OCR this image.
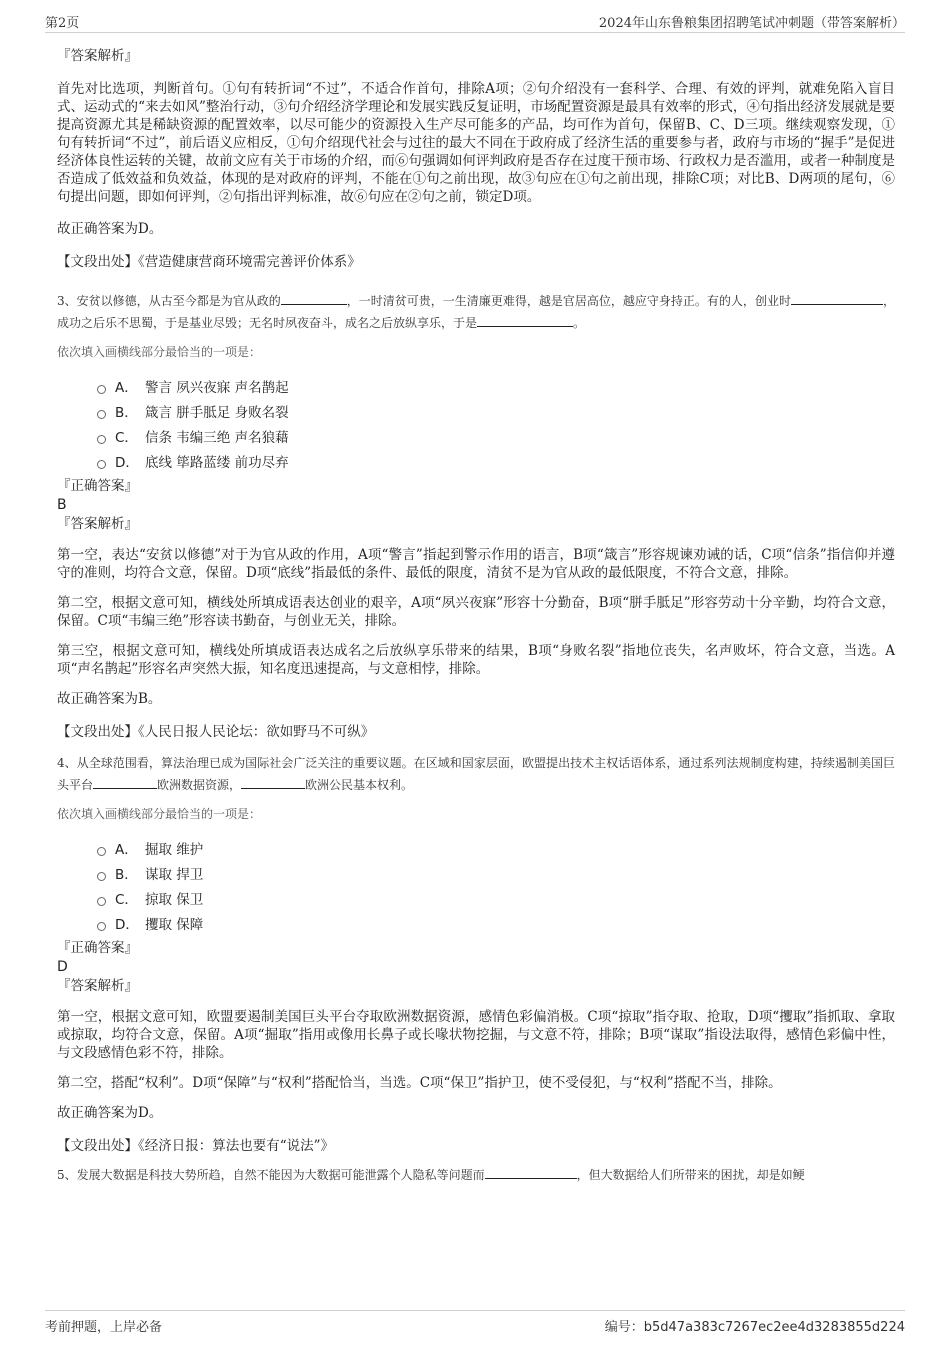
第2页	2024年山东鲁粮集团招聘笔试冲刺题（带答案解析）

『答案解析』

首先对比选项，判断首句。①句有转折词“不过”，不适合作首句，排除A项；②句介绍没有一套科学、合理、有效的评判，就难免陷入盲目式、运动式的“来去如风”整治行动，③句介绍经济学理论和发展实践反复证明，市场配置资源是最具有效率的形式，④句指出经济发展就是要提高资源尤其是稀缺资源的配置效率，以尽可能少的资源投入生产尽可能多的产品，均可作为首句，保留B、C、D三项。继续观察发现，①句有转折词“不过”，前后语义应相反，①句介绍现代社会与过往的最大不同在于政府成了经济生活的重要参与者，政府与市场的“握手”是促进经济体良性运转的关键，故前文应有关于市场的介绍，而⑥句强调如何评判政府是否存在过度干预市场、行政权力是否滥用，或者一种制度是否造成了低效益和负效益，体现的是对政府的评判，不能在①句之前出现，故③句应在①句之前出现，排除C项；对比B、D两项的尾句，⑥句提出问题，即如何评判，②句指出评判标准，故⑥句应在②句之前，锁定D项。

故正确答案为D。

【文段出处】《营造健康营商环境需完善评价体系》

3、安贫以修德，从古至今都是为官从政的	，一时清贫可贵，一生清廉更难得，越是官居高位，越应守身持正。有的人，创业时	，成功之后乐不思蜀，于是基业尽毁；无名时夙夜奋斗，成名之后放纵享乐，于是	。

依次填入画横线部分最恰当的一项是：

A． 警言 夙兴夜寐 声名鹊起
B． 箴言 胼手胝足 身败名裂
C． 信条 韦编三绝 声名狼藉
D． 底线 筚路蓝缕 前功尽弃

『正确答案』

B

『答案解析』

第一空，表达“安贫以修德”对于为官从政的作用，A项“警言”指起到警示作用的语言，B项“箴言”形容规谏劝诫的话，C项“信条”指信仰并遵守的准则，均符合文意，保留。D项“底线”指最低的条件、最低的限度，清贫不是为官从政的最低限度，不符合文意，排除。

第二空，根据文意可知，横线处所填成语表达创业的艰辛，A项“夙兴夜寐”形容十分勤奋，B项“胼手胝足”形容劳动十分辛勤，均符合文意，保留。C项“韦编三绝”形容读书勤奋，与创业无关，排除。

第三空，根据文意可知，横线处所填成语表达成名之后放纵享乐带来的结果，B项“身败名裂”指地位丧失，名声败坏，符合文意，当选。A项“声名鹊起”形容名声突然大振，知名度迅速提高，与文意相悖，排除。

故正确答案为B。

【文段出处】《人民日报人民论坛：欲如野马不可纵》

4、从全球范围看，算法治理已成为国际社会广泛关注的重要议题。在区域和国家层面，欧盟提出技术主权话语体系，通过系列法规制度构建，持续遏制美国巨头平台	欧洲数据资源，	欧洲公民基本权利。

依次填入画横线部分最恰当的一项是：

A． 掘取 维护
B． 谋取 捍卫
C． 掠取 保卫
D． 攫取 保障

『正确答案』

D

『答案解析』

第一空，根据文意可知，欧盟要遏制美国巨头平台夺取欧洲数据资源，感情色彩偏消极。C项“掠取”指夺取、抢取，D项“攫取”指抓取、拿取或掠取，均符合文意，保留。A项“掘取”指用或像用长鼻子或长喙状物挖掘，与文意不符，排除；B项“谋取”指设法取得，感情色彩偏中性，与文段感情色彩不符，排除。

第二空，搭配“权利”。D项“保障”与“权利”搭配恰当，当选。C项“保卫”指护卫，使不受侵犯，与“权利”搭配不当，排除。

故正确答案为D。

【文段出处】《经济日报：算法也要有“说法”》

5、发展大数据是科技大势所趋，自然不能因为大数据可能泄露个人隐私等问题而	，但大数据给人们所带来的困扰，却是如鲠

考前押题，上岸必备	编号：b5d47a383c7267ec2ee4d3283855d224
